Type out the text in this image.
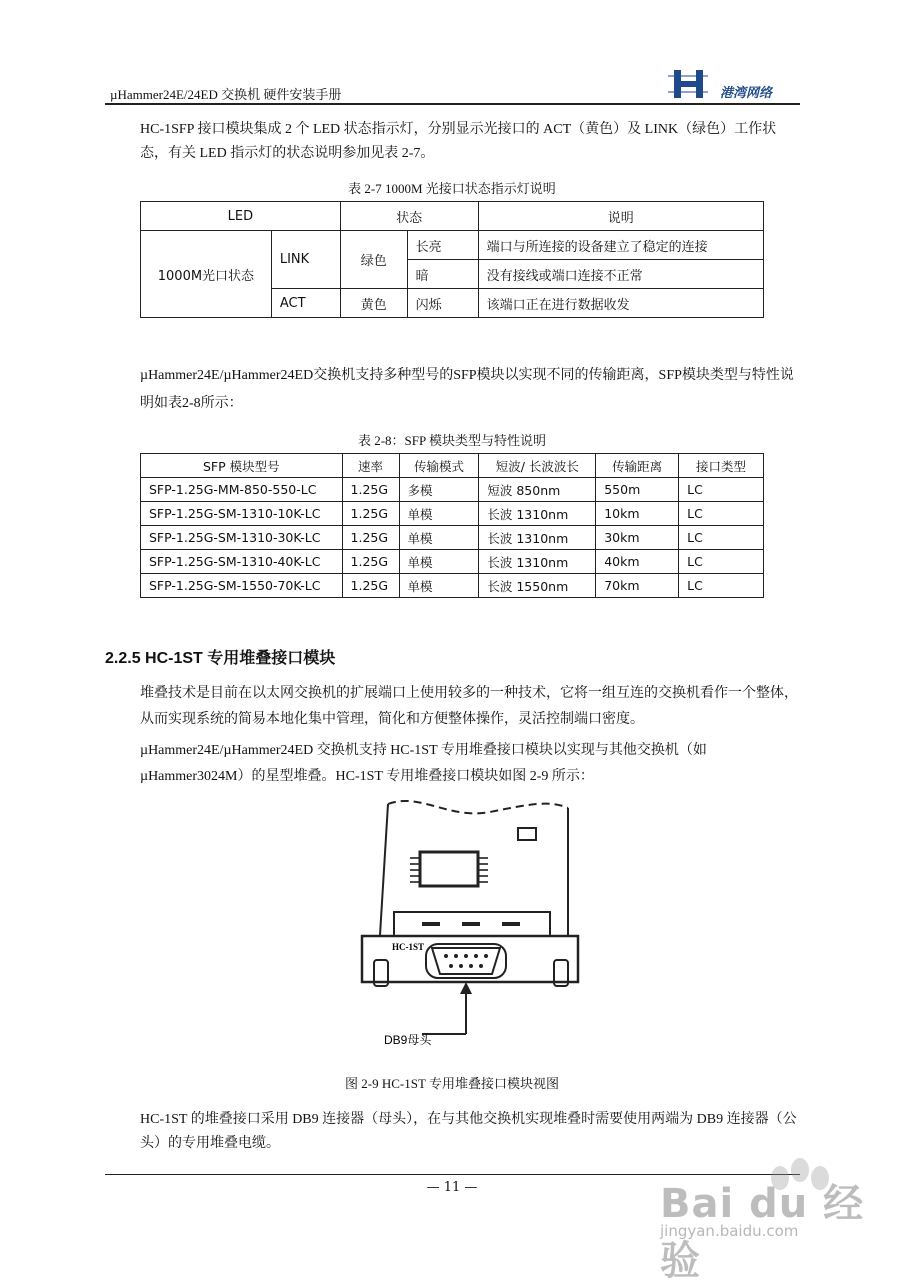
µHammer24E/24ED 交换机 硬件安装手册	港湾网络
HC-1SFP 接口模块集成 2 个 LED 状态指示灯，分别显示光接口的 ACT（黄色）及 LINK（绿色）工作状态，有关 LED 指示灯的状态说明参加见表 2-7。
表 2-7 1000M 光接口状态指示灯说明
LED		状态		说明
1000M光口状态	LINK	绿色	长亮	端口与所连接的设备建立了稳定的连接
			暗	没有接线或端口连接不正常
	ACT	黄色	闪烁	该端口正在进行数据收发
µHammer24E/µHammer24ED交换机支持多种型号的SFP模块以实现不同的传输距离，SFP模块类型与特性说明如表2-8所示：
表 2-8：SFP 模块类型与特性说明
SFP 模块型号	速率	传输模式	短波/ 长波波长	传输距离	接口类型
SFP-1.25G-MM-850-550-LC	1.25G	多模	短波 850nm	550m	LC
SFP-1.25G-SM-1310-10K-LC	1.25G	单模	长波 1310nm	10km	LC
SFP-1.25G-SM-1310-30K-LC	1.25G	单模	长波 1310nm	30km	LC
SFP-1.25G-SM-1310-40K-LC	1.25G	单模	长波 1310nm	40km	LC
SFP-1.25G-SM-1550-70K-LC	1.25G	单模	长波 1550nm	70km	LC
2.2.5 HC-1ST 专用堆叠接口模块
堆叠技术是目前在以太网交换机的扩展端口上使用较多的一种技术，它将一组互连的交换机看作一个整体，从而实现系统的简易本地化集中管理，简化和方便整体操作，灵活控制端口密度。
µHammer24E/µHammer24ED 交换机支持 HC-1ST 专用堆叠接口模块以实现与其他交换机（如µHammer3024M）的星型堆叠。HC-1ST 专用堆叠接口模块如图 2-9 所示：
HC-1ST
DB9母头
图 2-9 HC-1ST 专用堆叠接口模块视图
HC-1ST 的堆叠接口采用 DB9 连接器（母头），在与其他交换机实现堆叠时需要使用两端为 DB9 连接器（公头）的专用堆叠电缆。
— 11 —	Bai du 经验
jingyan.baidu.com
